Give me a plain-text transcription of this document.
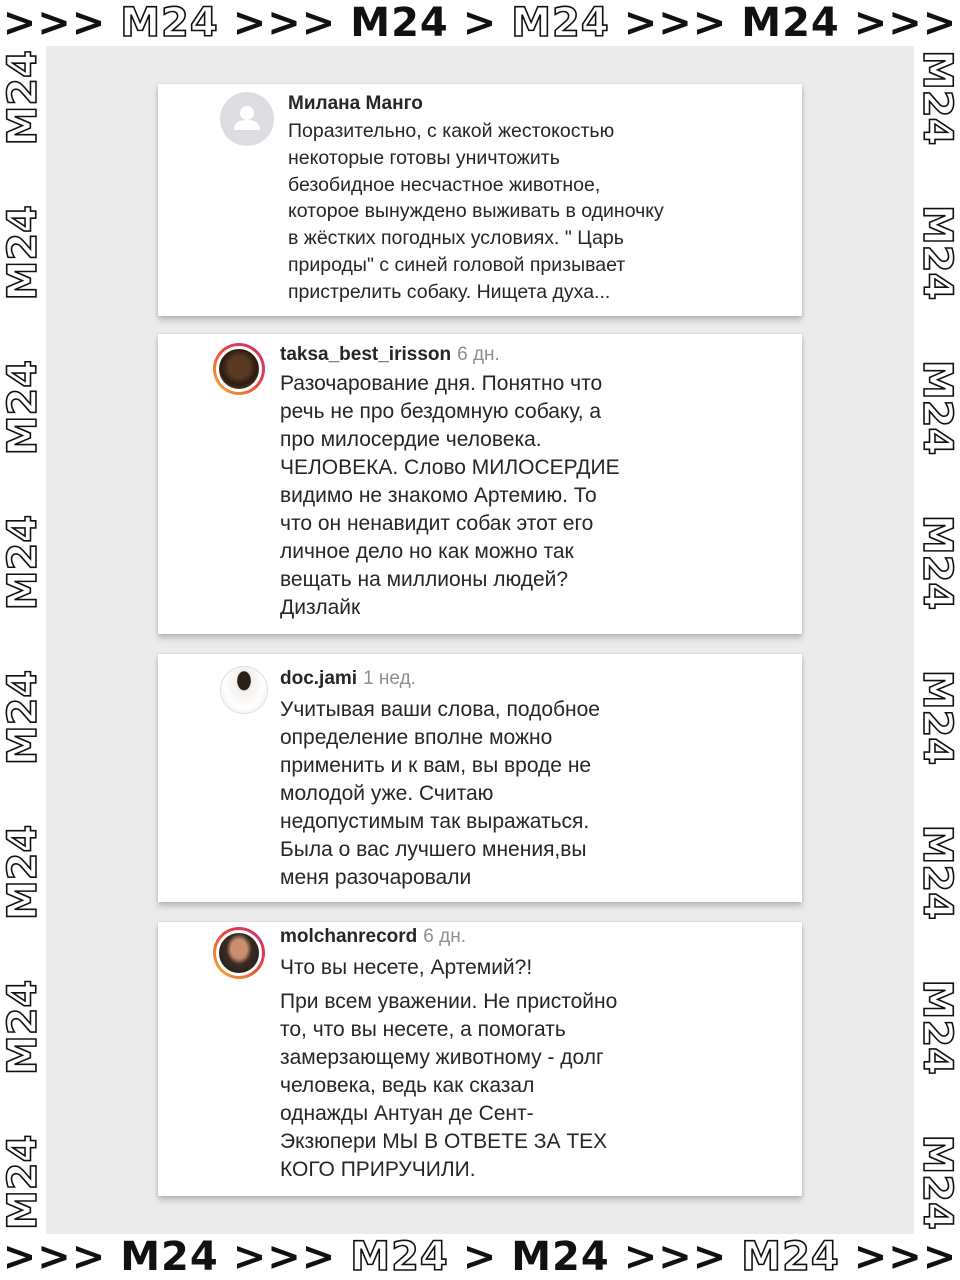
>>> M24 >>> M24 > M24 >>> M24 >>>
M24
M24
M24
M24
M24
M24
M24
M24	M24
M24
M24
M24
M24
M24
M24
M24
>>> M24 >>> M24 > M24 >>> M24 >>>
Милана Манго
Поразительно, с какой жестокостью
некоторые готовы уничтожить
безобидное несчастное животное,
которое вынуждено выживать в одиночку
в жёстких погодных условиях. " Царь
природы" с синей головой призывает
пристрелить собаку. Нищета духа...
taksa_best_irisson 6 дн.
Разочарование дня. Понятно что
речь не про бездомную собаку, а
про милосердие человека.
ЧЕЛОВЕКА. Слово МИЛОСЕРДИЕ
видимо не знакомо Артемию. То
что он ненавидит собак этот его
личное дело но как можно так
вещать на миллионы людей?
Дизлайк
doc.jami 1 нед.
Учитывая ваши слова, подобное
определение вполне можно
применить и к вам, вы вроде не
молодой уже. Считаю
недопустимым так выражаться.
Была о вас лучшего мнения,вы
меня разочаровали
molchanrecord 6 дн.
Что вы несете, Артемий?!
При всем уважении. Не пристойно
то, что вы несете, а помогать
замерзающему животному - долг
человека, ведь как сказал
однажды Антуан де Сент-
Экзюпери МЫ В ОТВЕТЕ ЗА ТЕХ
КОГО ПРИРУЧИЛИ.
